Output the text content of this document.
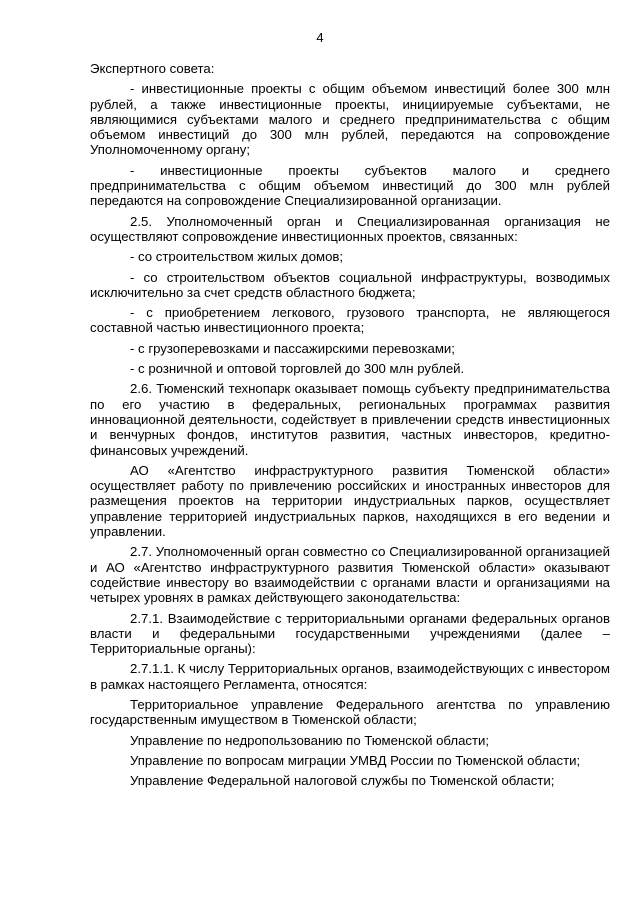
4

Экспертного совета:

- инвестиционные проекты с общим объемом инвестиций более 300 млн рублей, а также инвестиционные проекты, инициируемые субъектами, не являющимися субъектами малого и среднего предпринимательства с общим объемом инвестиций до 300 млн рублей, передаются на сопровождение Уполномоченному органу;

- инвестиционные проекты субъектов малого и среднего предпринимательства с общим объемом инвестиций до 300 млн рублей передаются на сопровождение Специализированной организации.

2.5. Уполномоченный орган и Специализированная организация не осуществляют сопровождение инвестиционных проектов, связанных:

- со строительством жилых домов;

- со строительством объектов социальной инфраструктуры, возводимых исключительно за счет средств областного бюджета;

- с приобретением легкового, грузового транспорта, не являющегося составной частью инвестиционного проекта;

- с грузоперевозками и пассажирскими перевозками;

- с розничной и оптовой торговлей до 300 млн рублей.

2.6. Тюменский технопарк оказывает помощь субъекту предпринимательства по его участию в федеральных, региональных программах развития инновационной деятельности, содействует в привлечении средств инвестиционных и венчурных фондов, институтов развития, частных инвесторов, кредитно-финансовых учреждений.

АО «Агентство инфраструктурного развития Тюменской области» осуществляет работу по привлечению российских и иностранных инвесторов для размещения проектов на территории индустриальных парков, осуществляет управление территорией индустриальных парков, находящихся в его ведении и управлении.

2.7. Уполномоченный орган совместно со Специализированной организацией и АО «Агентство инфраструктурного развития Тюменской области» оказывают содействие инвестору во взаимодействии с органами власти и организациями на четырех уровнях в рамках действующего законодательства:

2.7.1. Взаимодействие с территориальными органами федеральных органов власти и федеральными государственными учреждениями (далее – Территориальные органы):

2.7.1.1. К числу Территориальных органов, взаимодействующих с инвестором в рамках настоящего Регламента, относятся:

Территориальное управление Федерального агентства по управлению государственным имуществом в Тюменской области;

Управление по недропользованию по Тюменской области;

Управление по вопросам миграции УМВД России по Тюменской области;

Управление Федеральной налоговой службы по Тюменской области;
